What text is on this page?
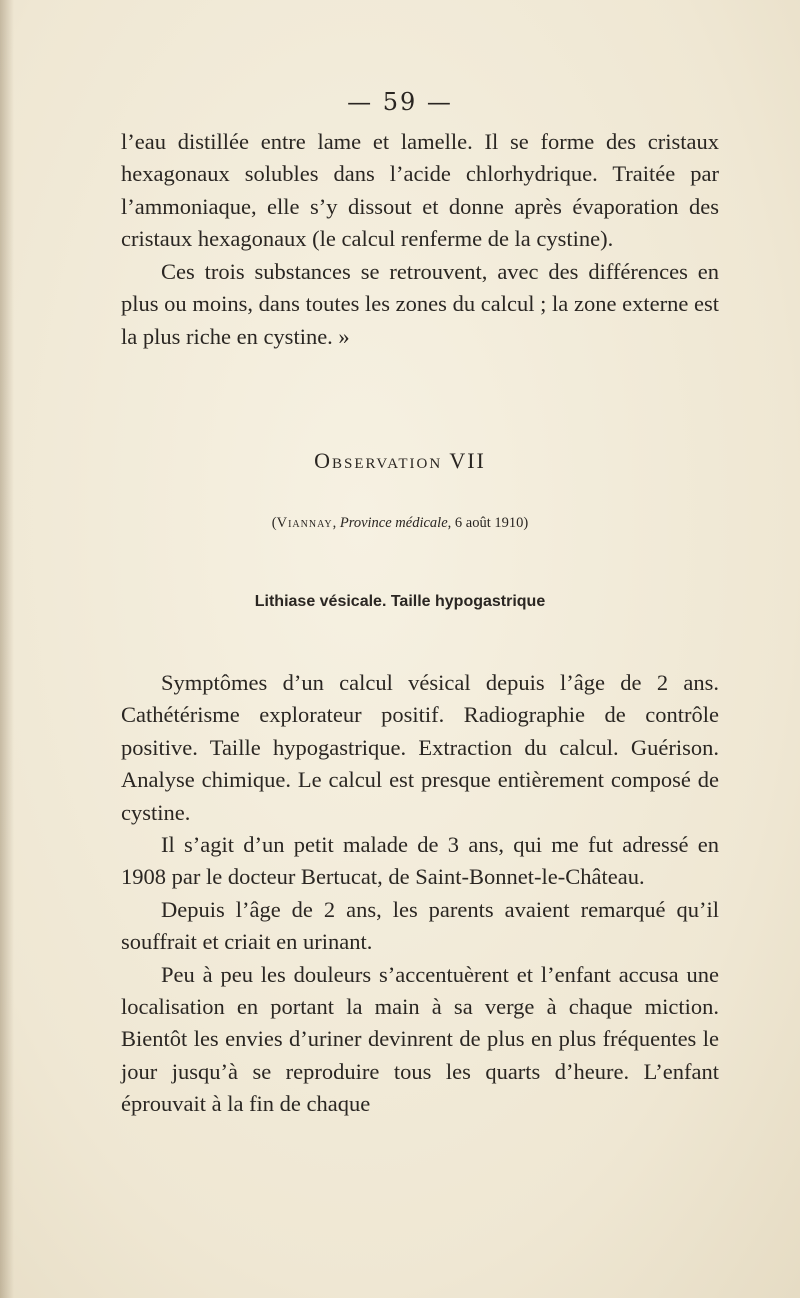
— 59 —

l’eau distillée entre lame et lamelle. Il se forme des cristaux hexagonaux solubles dans l’acide chlorhydrique. Traitée par l’ammoniaque, elle s’y dissout et donne après évaporation des cristaux hexagonaux (le calcul renferme de la cystine).

Ces trois substances se retrouvent, avec des différences en plus ou moins, dans toutes les zones du calcul ; la zone externe est la plus riche en cystine. »

Observation VII
(Viannay, Province médicale, 6 août 1910)
Lithiase vésicale. Taille hypogastrique

Symptômes d’un calcul vésical depuis l’âge de 2 ans. Cathétérisme explorateur positif. Radiographie de contrôle positive. Taille hypogastrique. Extraction du calcul. Guérison. Analyse chimique. Le calcul est presque entièrement composé de cystine.

Il s’agit d’un petit malade de 3 ans, qui me fut adressé en 1908 par le docteur Bertucat, de Saint-Bonnet-le-Château.

Depuis l’âge de 2 ans, les parents avaient remarqué qu’il souffrait et criait en urinant.

Peu à peu les douleurs s’accentuèrent et l’enfant accusa une localisation en portant la main à sa verge à chaque miction. Bientôt les envies d’uriner devinrent de plus en plus fréquentes le jour jusqu’à se reproduire tous les quarts d’heure. L’enfant éprouvait à la fin de chaque
